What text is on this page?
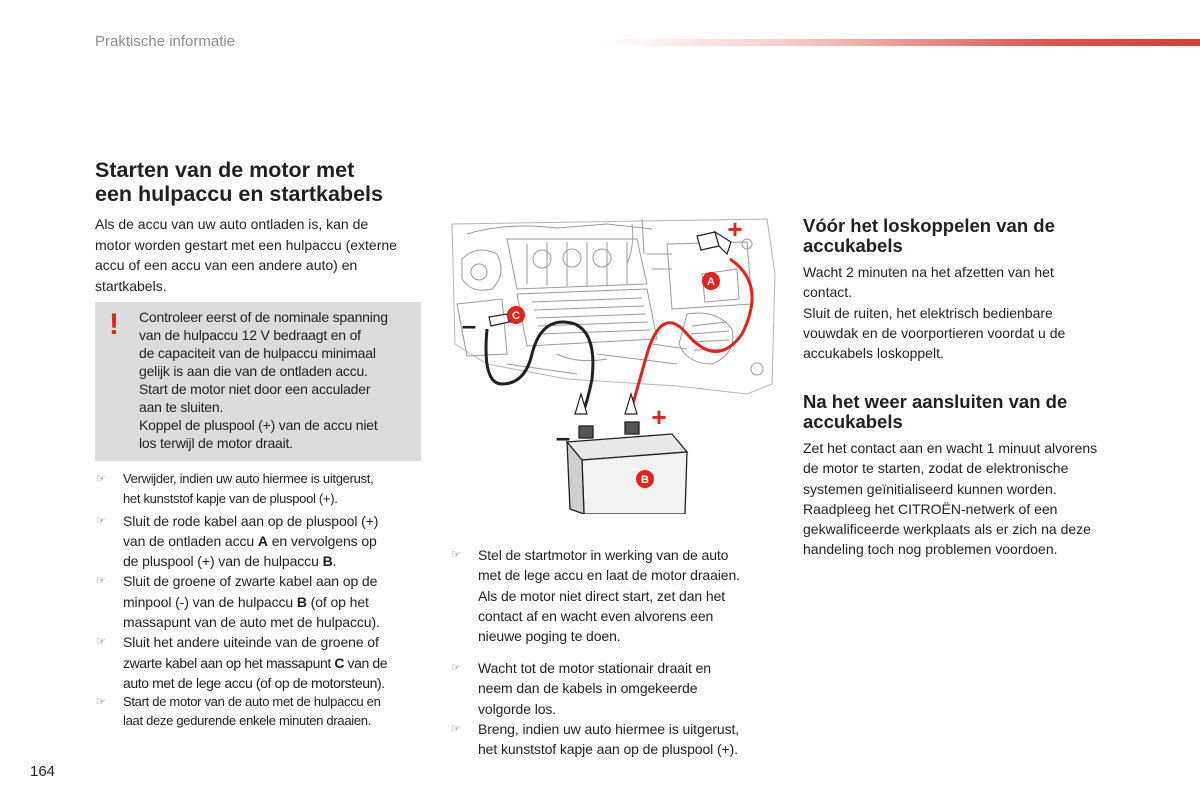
Praktische informatie
Starten van de motor met
een hulpaccu en startkabels

Als de accu van uw auto ontladen is, kan de motor worden gestart met een hulpaccu (externe accu of een accu van een andere auto) en startkabels.

! Controleer eerst of de nominale spanning
van de hulpaccu 12 V bedraagt en of
de capaciteit van de hulpaccu minimaal
gelijk is aan die van de ontladen accu.
Start de motor niet door een acculader
aan te sluiten.
Koppel de pluspool (+) van de accu niet
los terwijl de motor draait.
☞ Verwijder, indien uw auto hiermee is uitgerust,
het kunststof kapje van de pluspool (+).
☞ Sluit de rode kabel aan op de pluspool (+)
van de ontladen accu A en vervolgens op
de pluspool (+) van de hulpaccu B.
☞ Sluit de groene of zwarte kabel aan op de
minpool (-) van de hulpaccu B (of op het
massapunt van de auto met de hulpaccu).
☞ Sluit het andere uiteinde van de groene of
zwarte kabel aan op het massapunt C van de
auto met de lege accu (of op de motorsteun).
☞ Start de motor van de auto met de hulpaccu en
laat deze gedurende enkele minuten draaien.
A
B
C
+
+
–
–
☞ Stel de startmotor in werking van de auto
met de lege accu en laat de motor draaien.
Als de motor niet direct start, zet dan het
contact af en wacht even alvorens een
nieuwe poging te doen.
☞ Wacht tot de motor stationair draait en
neem dan de kabels in omgekeerde
volgorde los.
☞ Breng, indien uw auto hiermee is uitgerust,
het kunststof kapje aan op de pluspool (+).
Vóór het loskoppelen van de
accukabels

Wacht 2 minuten na het afzetten van het
contact.
Sluit de ruiten, het elektrisch bedienbare
vouwdak en de voorportieren voordat u de
accukabels loskoppelt.

Na het weer aansluiten van de
accukabels

Zet het contact aan en wacht 1 minuut alvorens
de motor te starten, zodat de elektronische
systemen geïnitialiseerd kunnen worden.
Raadpleeg het CITROËN-netwerk of een
gekwalificeerde werkplaats als er zich na deze
handeling toch nog problemen voordoen.

164
